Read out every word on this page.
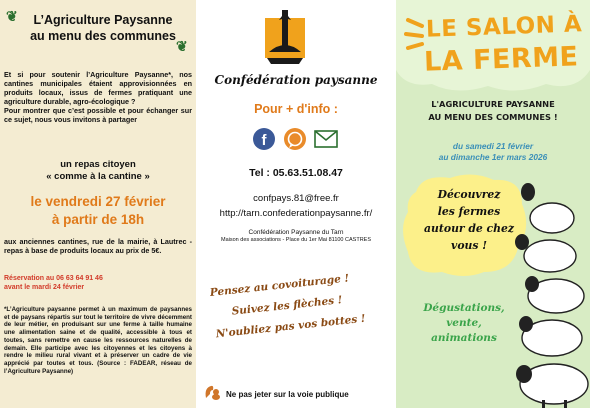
❦
❦
L’Agriculture Paysanne
au menu des communes

Et si pour soutenir l’Agriculture Paysanne*, nos cantines municipales étaient approvisionnées en produits locaux, issus de fermes pratiquant une agriculture durable, agro-écologique ?

Pour montrer que c’est possible et pour échanger sur ce sujet, nous vous invitons à partager

un repas citoyen
« comme à la cantine »
le vendredi 27 février
à partir de 18h
aux anciennes cantines, rue de la mairie, à Lautrec - repas à base de produits locaux au prix de 5€.
Réservation au 06 63 64 91 46
avant le mardi 24 février
*L’Agriculture paysanne permet à un maximum de paysannes et de paysans répartis sur tout le territoire de vivre décemment de leur métier, en produisant sur une ferme à taille humaine une alimentation saine et de qualité, accessible à tous et toutes, sans remettre en cause les ressources naturelles de demain. Elle participe avec les citoyennes et les citoyens à rendre le milieu rural vivant et à préserver un cadre de vie apprécié par toutes et tous. (Source : FADEAR, réseau de l’Agriculture Paysanne)
Confédération paysanne
Pour + d'info :
f
Tel : 05.63.51.08.47
confpays.81@free.fr
http://tarn.confederationpaysanne.fr/
Confédération Paysanne du Tarn
Maison des associations - Place du 1er Mai 81100 CASTRES
Pensez au covoiturage !
Suivez les flèches !
N'oubliez pas vos bottes !
Ne pas jeter sur la voie publique
LE SALON À
LA FERME
L'AGRICULTURE PAYSANNE
AU MENU DES COMMUNES !
du samedi 21 février
au dimanche 1er mars 2026
Découvrez
les fermes
autour de chez
vous !
Dégustations,
vente,
animations
